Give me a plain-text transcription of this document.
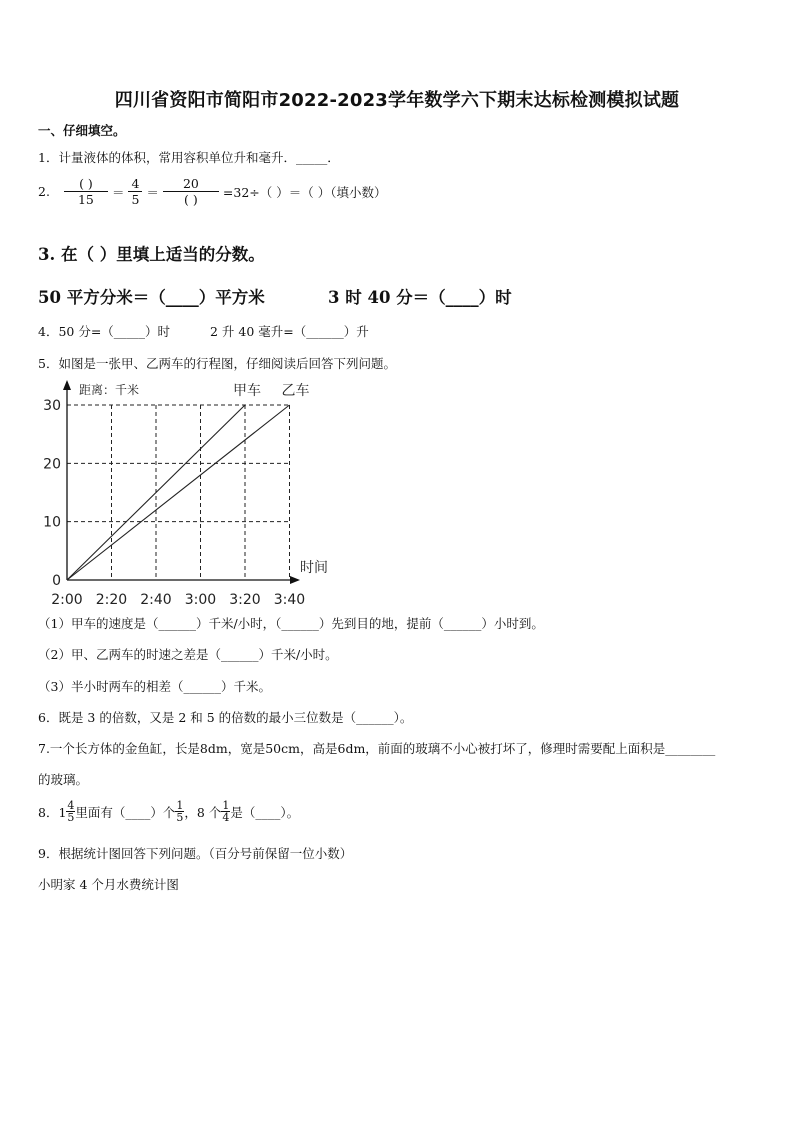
四川省资阳市简阳市2022-2023学年数学六下期末达标检测模拟试题
一、仔细填空。
1．计量液体的体积，常用容积单位升和毫升．_____．
2. $\frac{( )}{15} = \frac{4}{5} = \frac{20}{( )} =32\div$（ ）＝（ ）（填小数）
3. 在（ ）里填上适当的分数。
50 平方分米＝（____）平方米	3 时 40 分＝（____）时
4．50 分=（_____）时	2 升 40 毫升=（______）升
5．如图是一张甲、乙两车的行程图，仔细阅读后回答下列问题。
甲车 乙车
0
10
20
30
2:00 2:20 2:40 3:00 3:20 3:40
距离：千米
时间
（1）甲车的速度是（______）千米/小时，（______）先到目的地，提前（______）小时到。
（2）甲、乙两车的时速之差是（______）千米/小时。
（3）半小时两车的相差（______）千米。
6．既是 3 的倍数，又是 2 和 5 的倍数的最小三位数是（______）。
7.一个长方体的金鱼缸，长是8dm，宽是50cm，高是6dm，前面的玻璃不小心被打坏了，修理时需要配上面积是________
的玻璃。
8．$1 \frac{4}{5}$ 里面有（____）个 $\frac{1}{5}$ ，8 个 $\frac{1}{4}$ 是（____）。
9．根据统计图回答下列问题。（百分号前保留一位小数）
小明家 4 个月水费统计图
